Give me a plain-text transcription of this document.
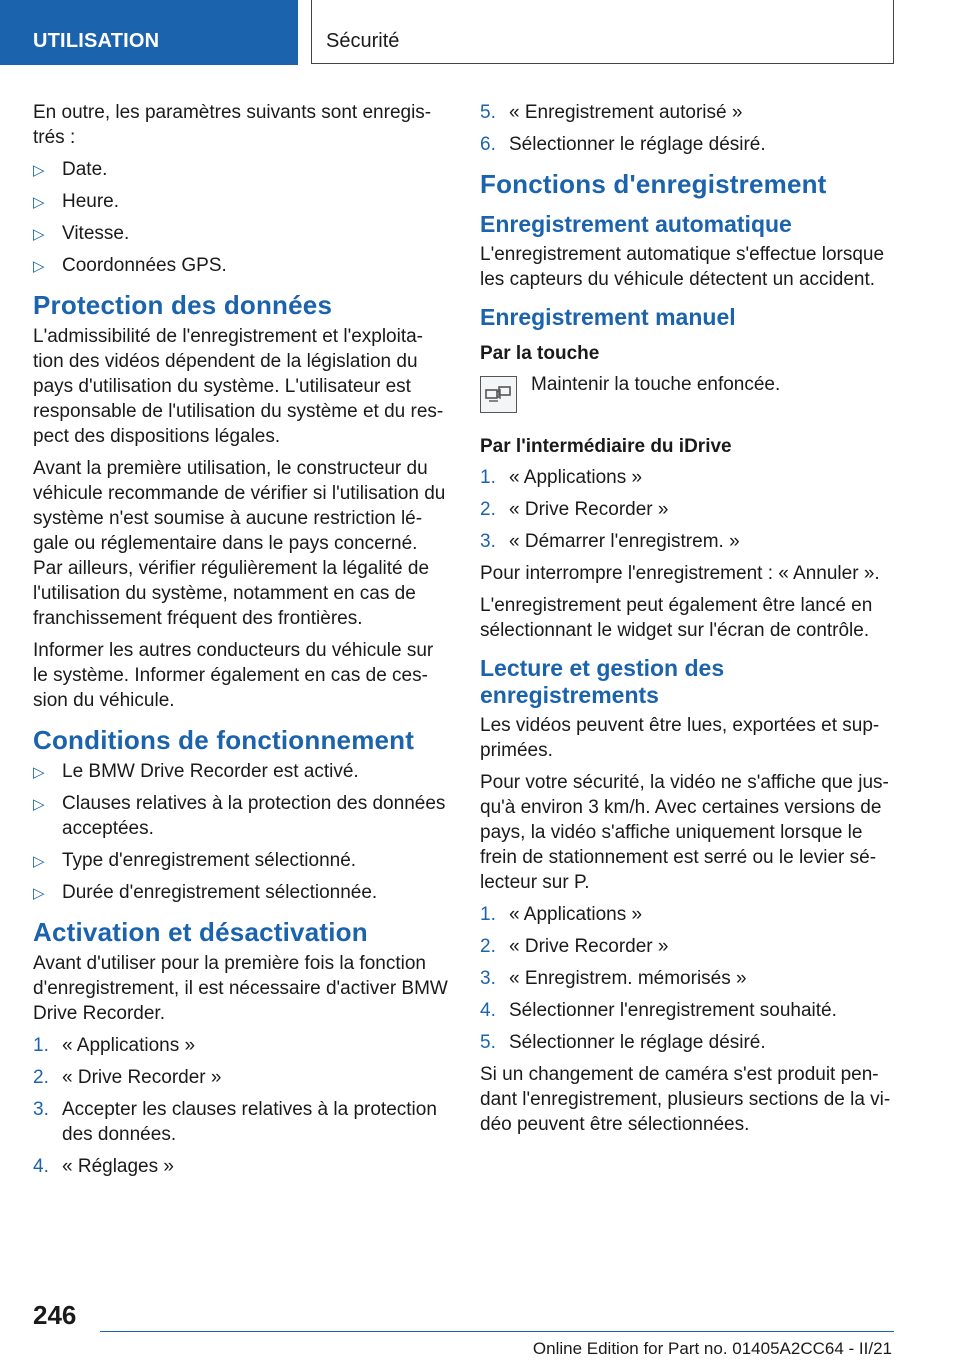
UTILISATION	Sécurité

En outre, les paramètres suivants sont enregis-trés :

▷ Date.
▷ Heure.
▷ Vitesse.
▷ Coordonnées GPS.
Protection des données

L'admissibilité de l'enregistrement et l'exploita-tion des vidéos dépendent de la législation du pays d'utilisation du système. L'utilisateur est responsable de l'utilisation du système et du res-pect des dispositions légales.

Avant la première utilisation, le constructeur du véhicule recommande de vérifier si l'utilisation du système n'est soumise à aucune restriction lé-gale ou réglementaire dans le pays concerné. Par ailleurs, vérifier régulièrement la légalité de l'utilisation du système, notamment en cas de franchissement fréquent des frontières.

Informer les autres conducteurs du véhicule sur le système. Informer également en cas de ces-sion du véhicule.

Conditions de fonctionnement
▷ Le BMW Drive Recorder est activé.
▷ Clauses relatives à la protection des données acceptées.
▷ Type d'enregistrement sélectionné.
▷ Durée d'enregistrement sélectionnée.
Activation et désactivation

Avant d'utiliser pour la première fois la fonction d'enregistrement, il est nécessaire d'activer BMW Drive Recorder.

1. « Applications »
2. « Drive Recorder »
3. Accepter les clauses relatives à la protection des données.
4. « Réglages »
5. « Enregistrement autorisé »
6. Sélectionner le réglage désiré.
Fonctions d'enregistrement
Enregistrement automatique

L'enregistrement automatique s'effectue lorsque les capteurs du véhicule détectent un accident.

Enregistrement manuel
Par la touche
Maintenir la touche enfoncée.
Par l'intermédiaire du iDrive
1. « Applications »
2. « Drive Recorder »
3. « Démarrer l'enregistrem. »

Pour interrompre l'enregistrement : « Annuler ».

L'enregistrement peut également être lancé en sélectionnant le widget sur l'écran de contrôle.

Lecture et gestion des enregistrements

Les vidéos peuvent être lues, exportées et sup-primées.

Pour votre sécurité, la vidéo ne s'affiche que jus-qu'à environ 3 km/h. Avec certaines versions de pays, la vidéo s'affiche uniquement lorsque le frein de stationnement est serré ou le levier sé-lecteur sur P.

1. « Applications »
2. « Drive Recorder »
3. « Enregistrem. mémorisés »
4. Sélectionner l'enregistrement souhaité.
5. Sélectionner le réglage désiré.

Si un changement de caméra s'est produit pen-dant l'enregistrement, plusieurs sections de la vi-déo peuvent être sélectionnées.

246
Online Edition for Part no. 01405A2CC64 - II/21
